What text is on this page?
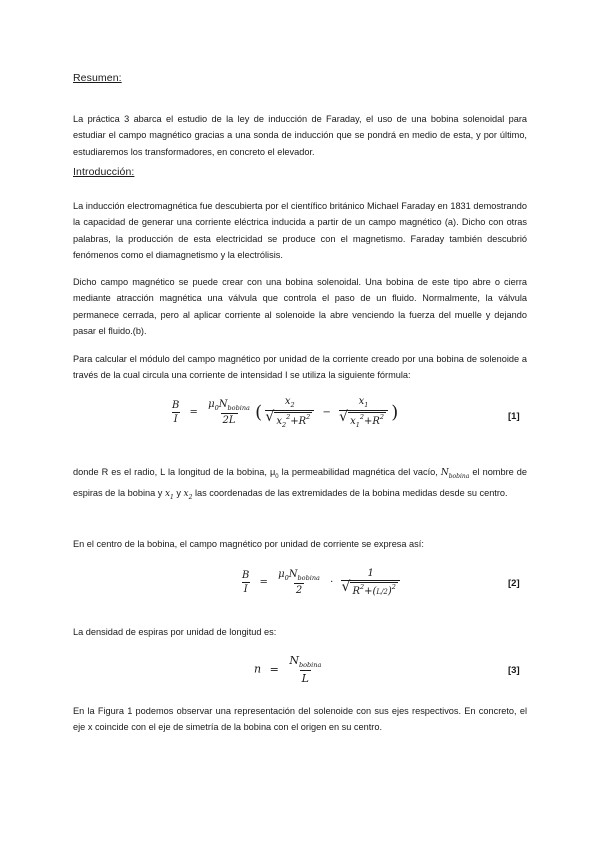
Resumen:

La práctica 3 abarca el estudio de la ley de inducción de Faraday, el uso de una bobina solenoidal para estudiar el campo magnético gracias a una sonda de inducción que se pondrá en medio de esta, y por último, estudiaremos los transformadores, en concreto el elevador.

Introducción:

La inducción electromagnética fue descubierta por el científico británico Michael Faraday en 1831 demostrando la capacidad de generar una corriente eléctrica inducida a partir de un campo magnético (a). Dicho con otras palabras, la producción de esta electricidad se produce con el magnetismo. Faraday también descubrió fenómenos como el diamagnetismo y la electrólisis.

Dicho campo magnético se puede crear con una bobina solenoidal. Una bobina de este tipo abre o cierra mediante atracción magnética una válvula que controla el paso de un fluido. Normalmente, la válvula permanece cerrada, pero al aplicar corriente al solenoide la abre venciendo la fuerza del muelle y dejando pasar el fluido.(b).

Para calcular el módulo del campo magnético por unidad de la corriente creado por una bobina de solenoide a través de la cual circula una corriente de intensidad I se utiliza la siguiente fórmula:

$\frac{B}{I} = \frac{\mu_0N_{bobina}}{2L}$ ( $x_2$
√ $x_2^2+R^2 - x_1$
√ $x_1^2+R^2$ )	[1]

donde R es el radio, L la longitud de la bobina, $\mu_0$ la permeabilidad magnética del vacío, $N_{bobina}$ el nombre de espiras de la bobina y $x_1$ y $x_2$ las coordenadas de las extremidades de la bobina medidas desde su centro.

En el centro de la bobina, el campo magnético por unidad de corriente se expresa así:

$\frac{B}{I} = \frac{\mu_0N_{bobina}}{2} \cdot 1$
√ $R^2+(L/2)^2$	[2]

La densidad de espiras por unidad de longitud es:

$n = \frac{N_{bobina}}{L}$	[3]

En la Figura 1 podemos observar una representación del solenoide con sus ejes respectivos. En concreto, el eje x coincide con el eje de simetría de la bobina con el origen en su centro.
